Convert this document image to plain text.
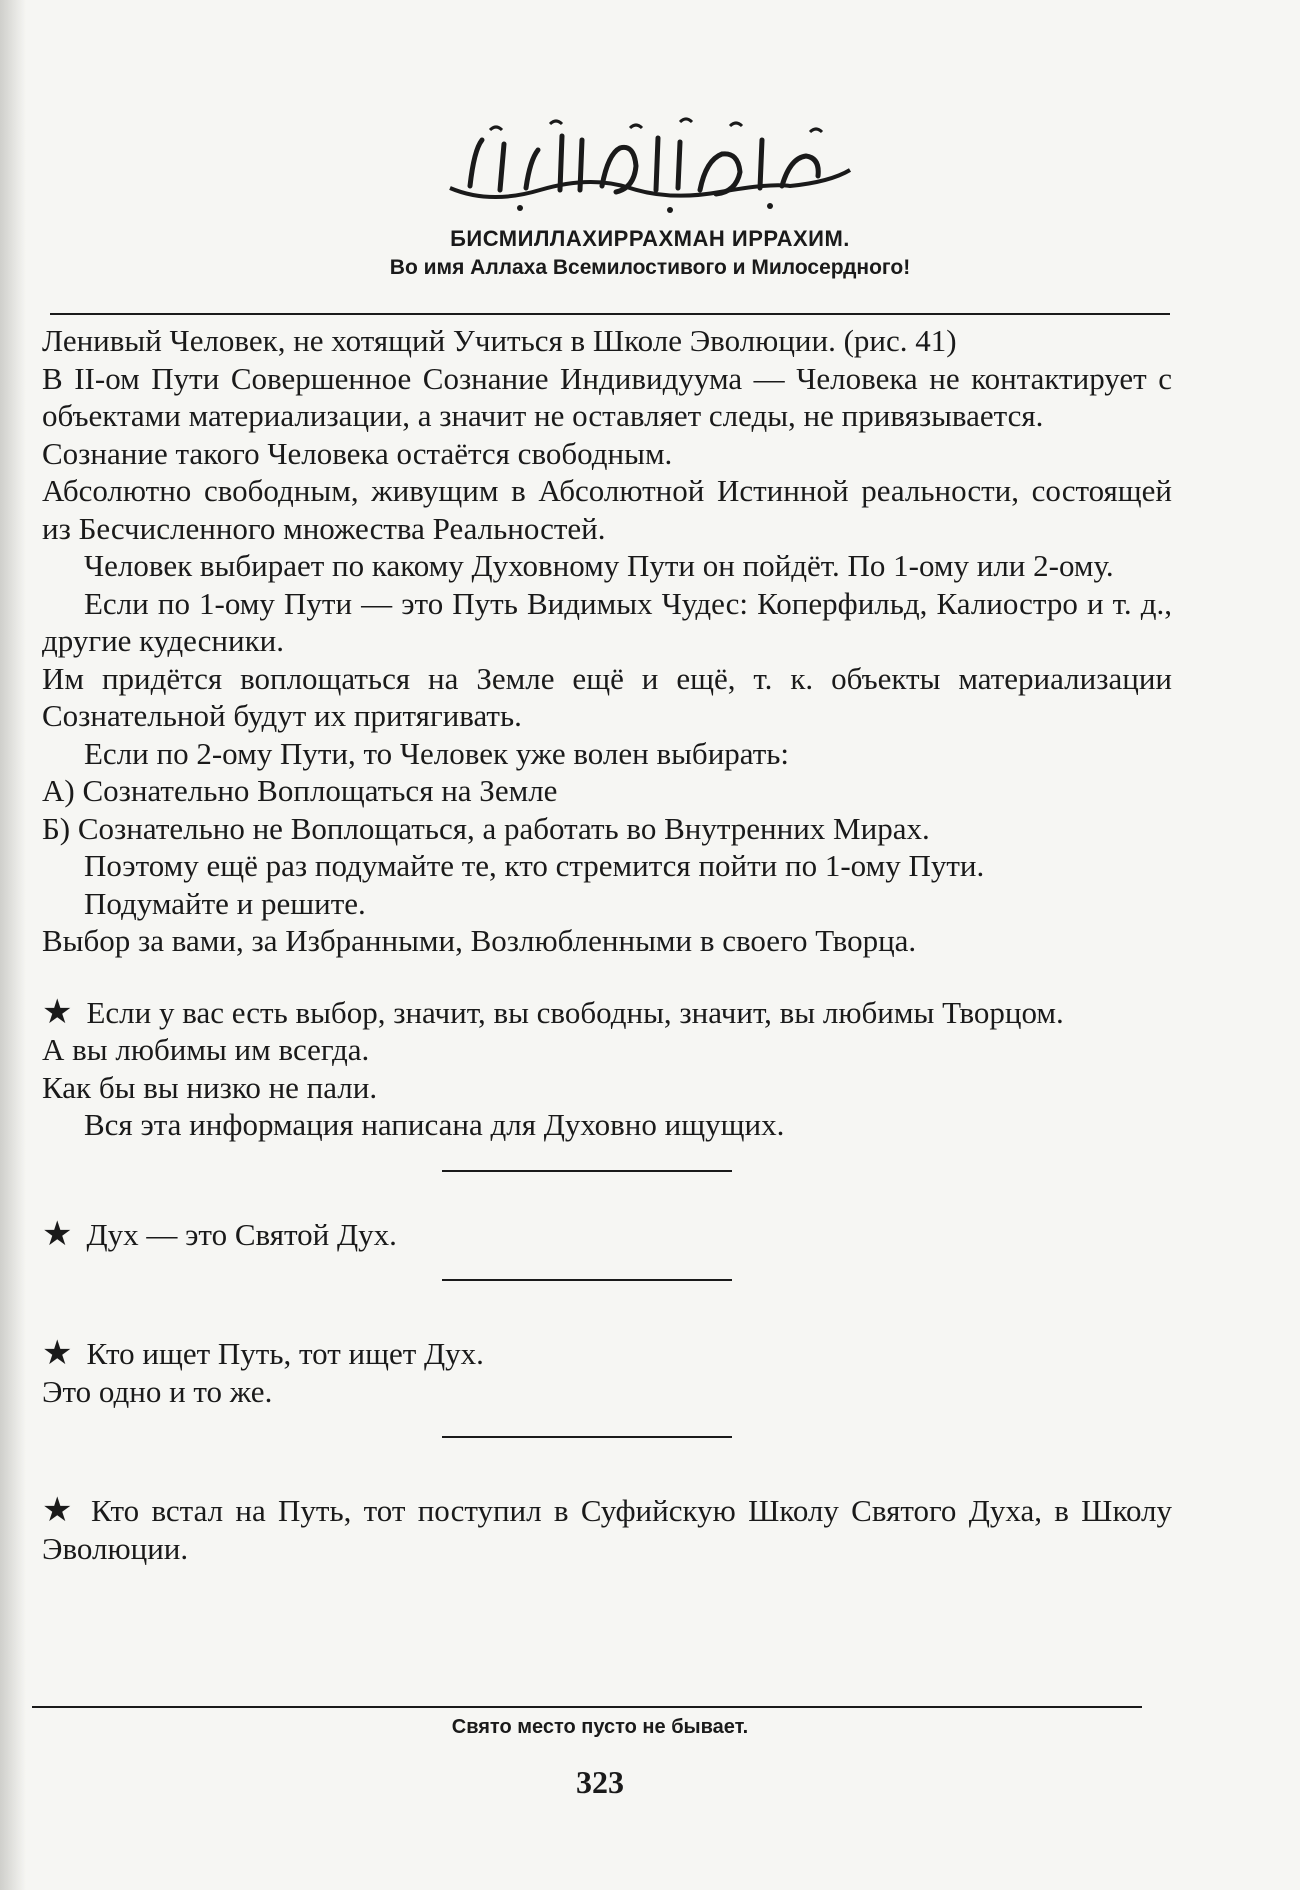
БИСМИЛЛАХИРРАХМАН ИРРАХИМ.
Во имя Аллаха Всемилостивого и Милосердного!

Ленивый Человек, не хотящий Учиться в Школе Эволюции. (рис. 41)

В II-ом Пути Совершенное Сознание Индивидуума — Человека не контактирует с объектами материализации, а значит не оставляет следы, не привязывается.

Сознание такого Человека остаётся свободным.

Абсолютно свободным, живущим в Абсолютной Истинной реальности, состоящей из Бесчисленного множества Реальностей.

Человек выбирает по какому Духовному Пути он пойдёт. По 1-ому или 2-ому.

Если по 1-ому Пути — это Путь Видимых Чудес: Коперфильд, Калиостро и т. д., другие кудесники.

Им придётся воплощаться на Земле ещё и ещё, т. к. объекты материализации Сознательной будут их притягивать.

Если по 2-ому Пути, то Человек уже волен выбирать:

А) Сознательно Воплощаться на Земле

Б) Сознательно не Воплощаться, а работать во Внутренних Мирах.

Поэтому ещё раз подумайте те, кто стремится пойти по 1-ому Пути.

Подумайте и решите.

Выбор за вами, за Избранными, Возлюбленными в своего Творца.

★ Если у вас есть выбор, значит, вы свободны, значит, вы любимы Творцом.

А вы любимы им всегда.

Как бы вы низко не пали.

Вся эта информация написана для Духовно ищущих.

★ Дух — это Святой Дух.

★ Кто ищет Путь, тот ищет Дух.

Это одно и то же.

★ Кто встал на Путь, тот поступил в Суфийскую Школу Святого Духа, в Школу Эволюции.

Свято место пусто не бывает.
323
